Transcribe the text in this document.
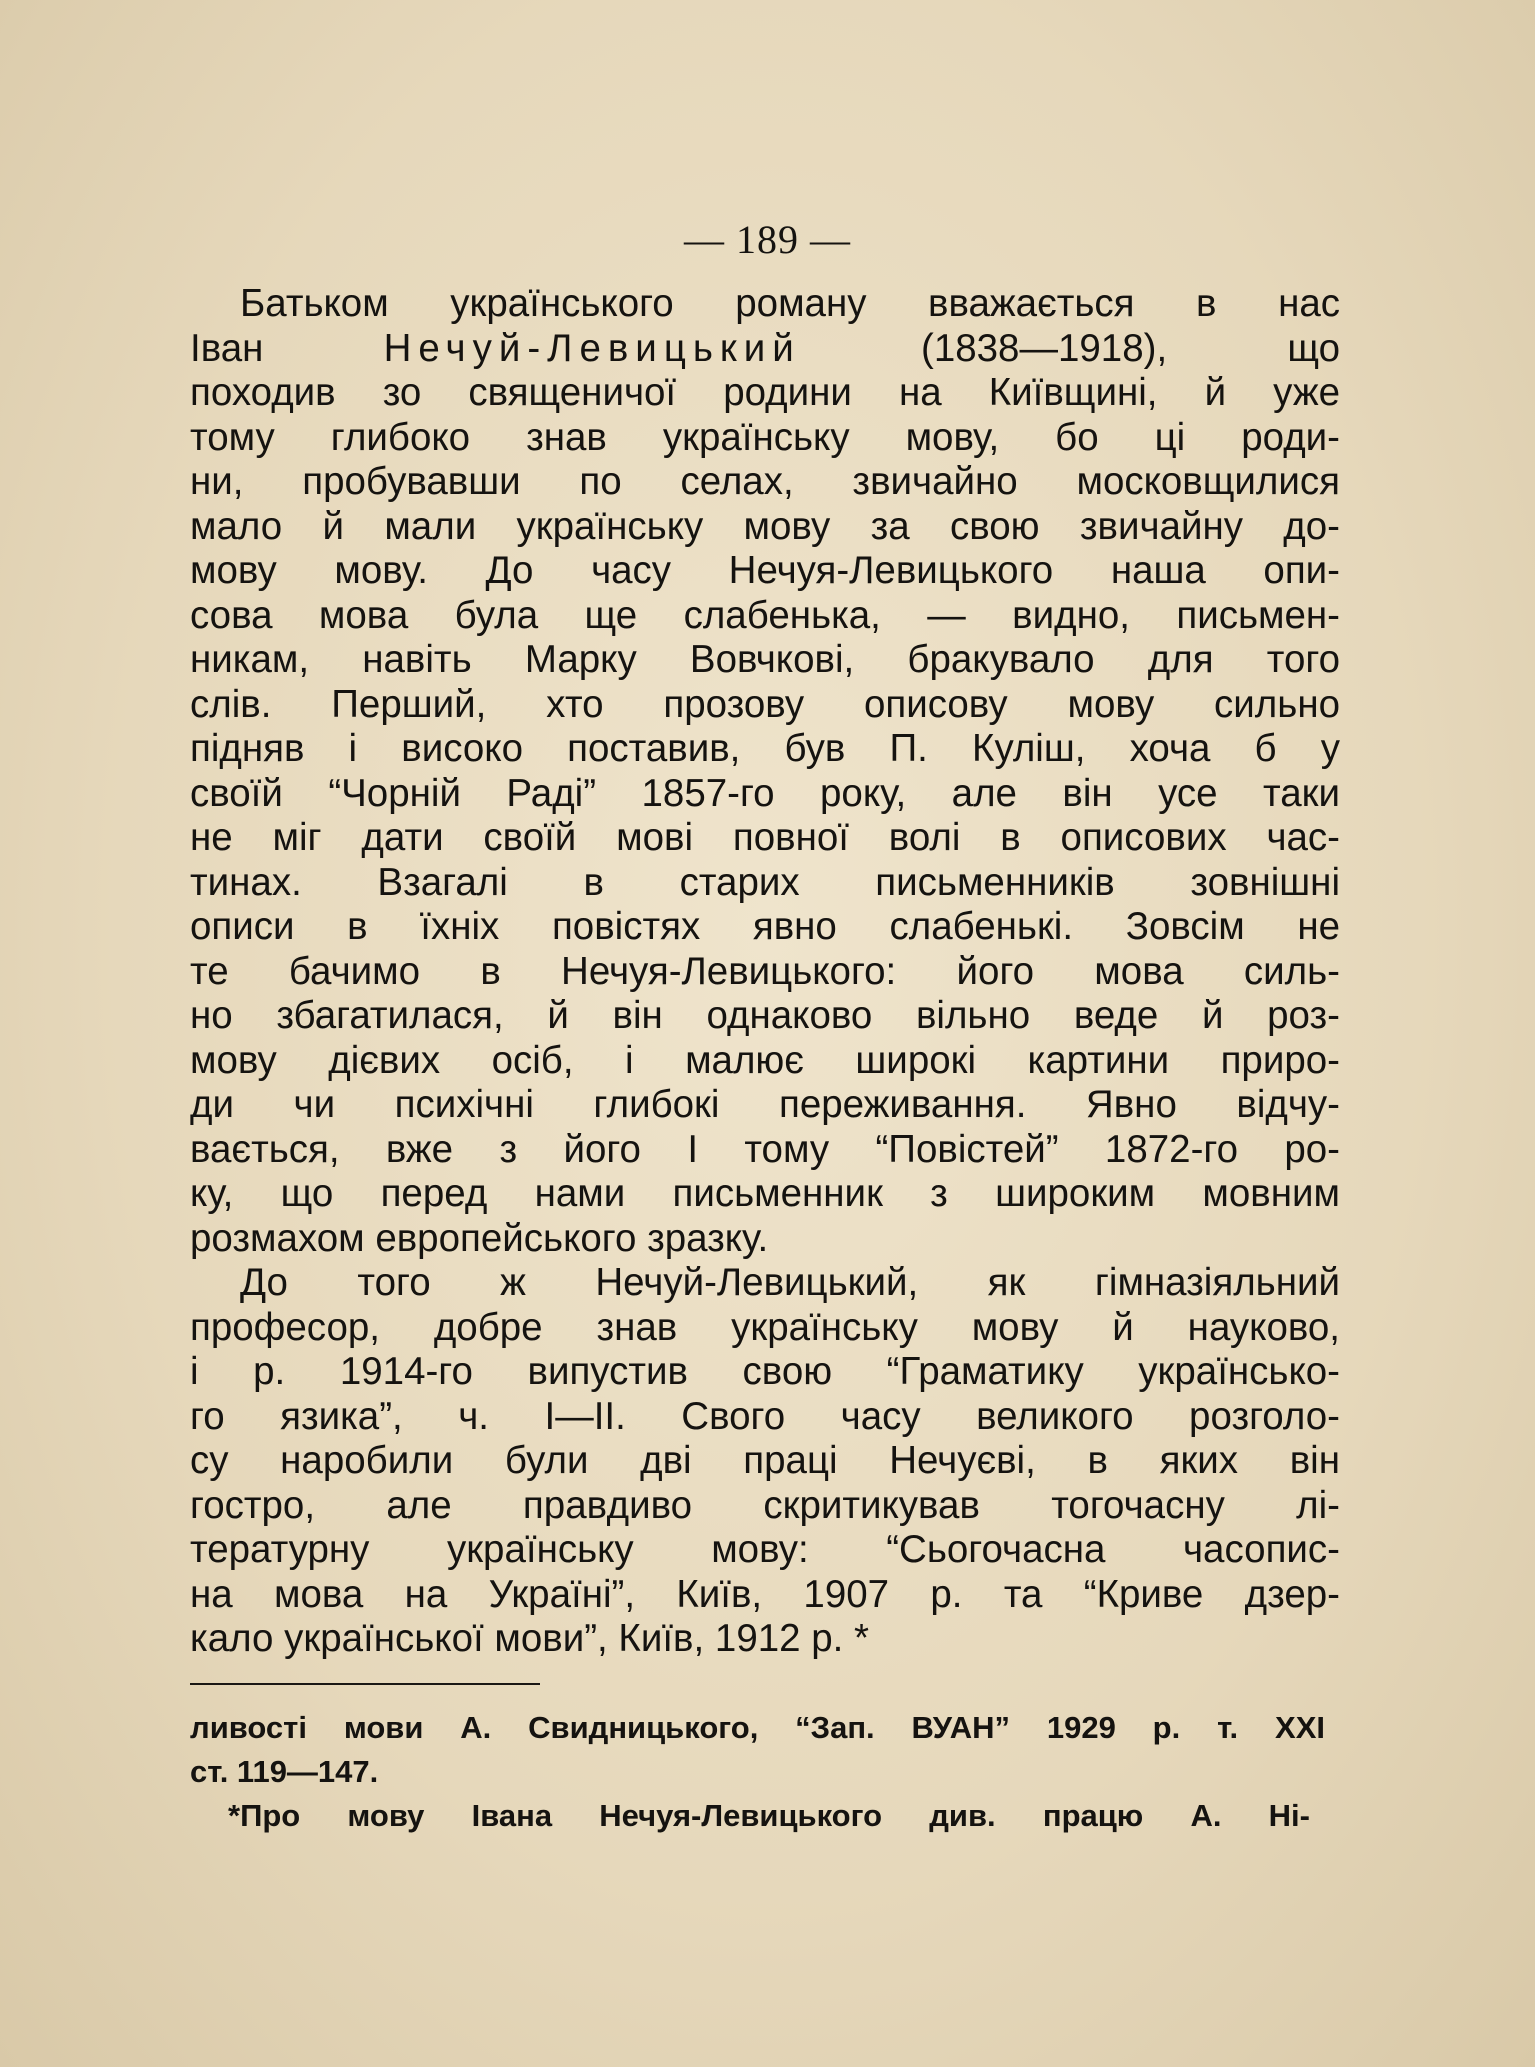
— 189 —
Батьком українського роману вважається в нас
Іван Нечуй-Левицький (1838—1918), що
походив зо священичої родини на Київщині, й уже
тому глибоко знав українську мову, бо ці роди-
ни, пробувавши по селах, звичайно московщилися
мало й мали українську мову за свою звичайну до-
мову мову. До часу Нечуя-Левицького наша опи-
сова мова була ще слабенька, — видно, письмен-
никам, навіть Марку Вовчкові, бракувало для того
слів. Перший, хто прозову описову мову сильно
підняв і високо поставив, був П. Куліш, хоча б у
своїй “Чорній Раді” 1857-го року, але він усе таки
не міг дати своїй мові повної волі в описових час-
тинах. Взагалі в старих письменників зовнішні
описи в їхніх повістях явно слабенькі. Зовсім не
те бачимо в Нечуя-Левицького: його мова силь-
но збагатилася, й він однаково вільно веде й роз-
мову дієвих осіб, і малює широкі картини приро-
ди чи психічні глибокі переживання. Явно відчу-
вається, вже з його І тому “Повістей” 1872-го ро-
ку, що перед нами письменник з широким мовним
розмахом европейського зразку.
До того ж Нечуй-Левицький, як гімназіяльний
професор, добре знав українську мову й науково,
і р. 1914-го випустив свою “Граматику українсько-
го язика”, ч. І—ІІ. Свого часу великого розголо-
су наробили були дві праці Нечуєві, в яких він
гостро, але правдиво скритикував тогочасну лі-
тературну українську мову: “Сьогочасна часопис-
на мова на Україні”, Київ, 1907 р. та “Криве дзер-
кало української мови”, Київ, 1912 р. *
ливості мови А. Свидницького, “Зап. ВУАН” 1929 р. т. XXI
ст. 119—147.
*Про мову Івана Нечуя-Левицького див. працю А. Ні-
